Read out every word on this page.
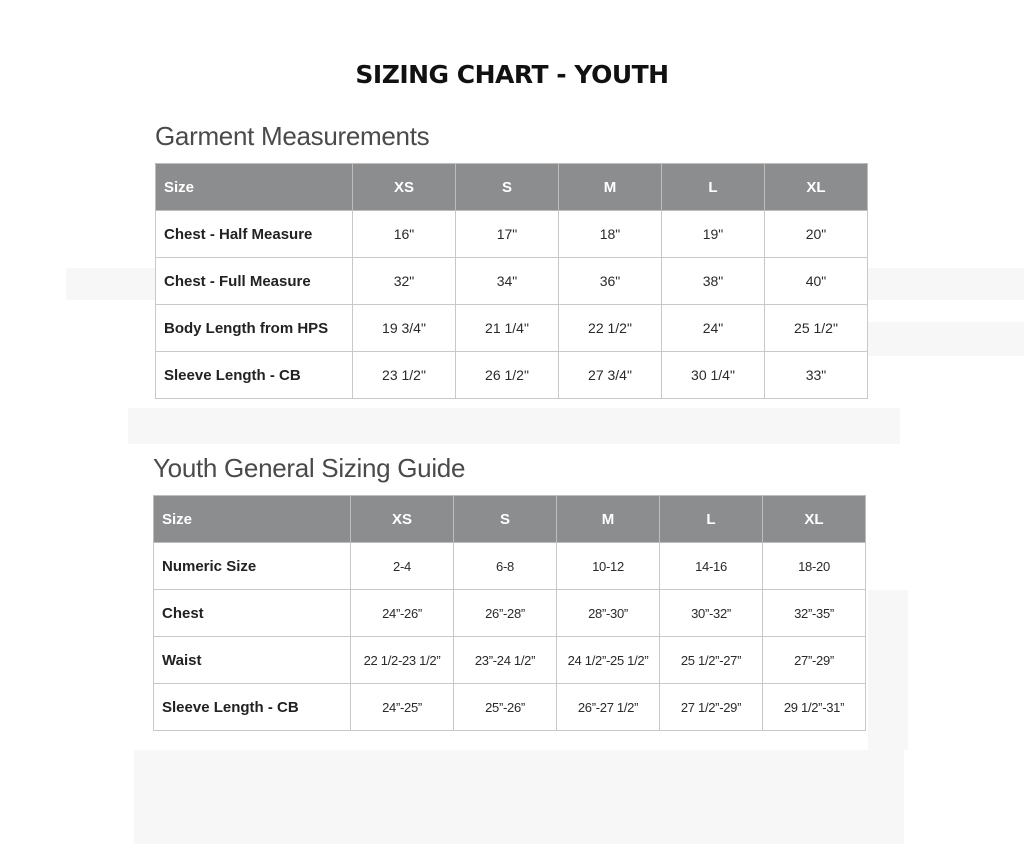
SIZING CHART - YOUTH
Garment Measurements
Size	XS	S	M	L	XL
Chest - Half Measure	16"	17"	18"	19"	20"
Chest - Full Measure	32"	34"	36"	38"	40"
Body Length from HPS	19 3/4"	21 1/4"	22 1/2"	24"	25 1/2"
Sleeve Length - CB	23 1/2"	26 1/2"	27 3/4"	30 1/4"	33"
Youth General Sizing Guide
Size	XS	S	M	L	XL
Numeric Size	2-4	6-8	10-12	14-16	18-20
Chest	24”-26”	26”-28”	28”-30”	30”-32”	32”-35”
Waist	22 1/2-23 1/2”	23”-24 1/2”	24 1/2”-25 1/2”	25 1/2”-27”	27”-29”
Sleeve Length - CB	24”-25”	25”-26”	26”-27 1/2”	27 1/2”-29”	29 1/2”-31”
